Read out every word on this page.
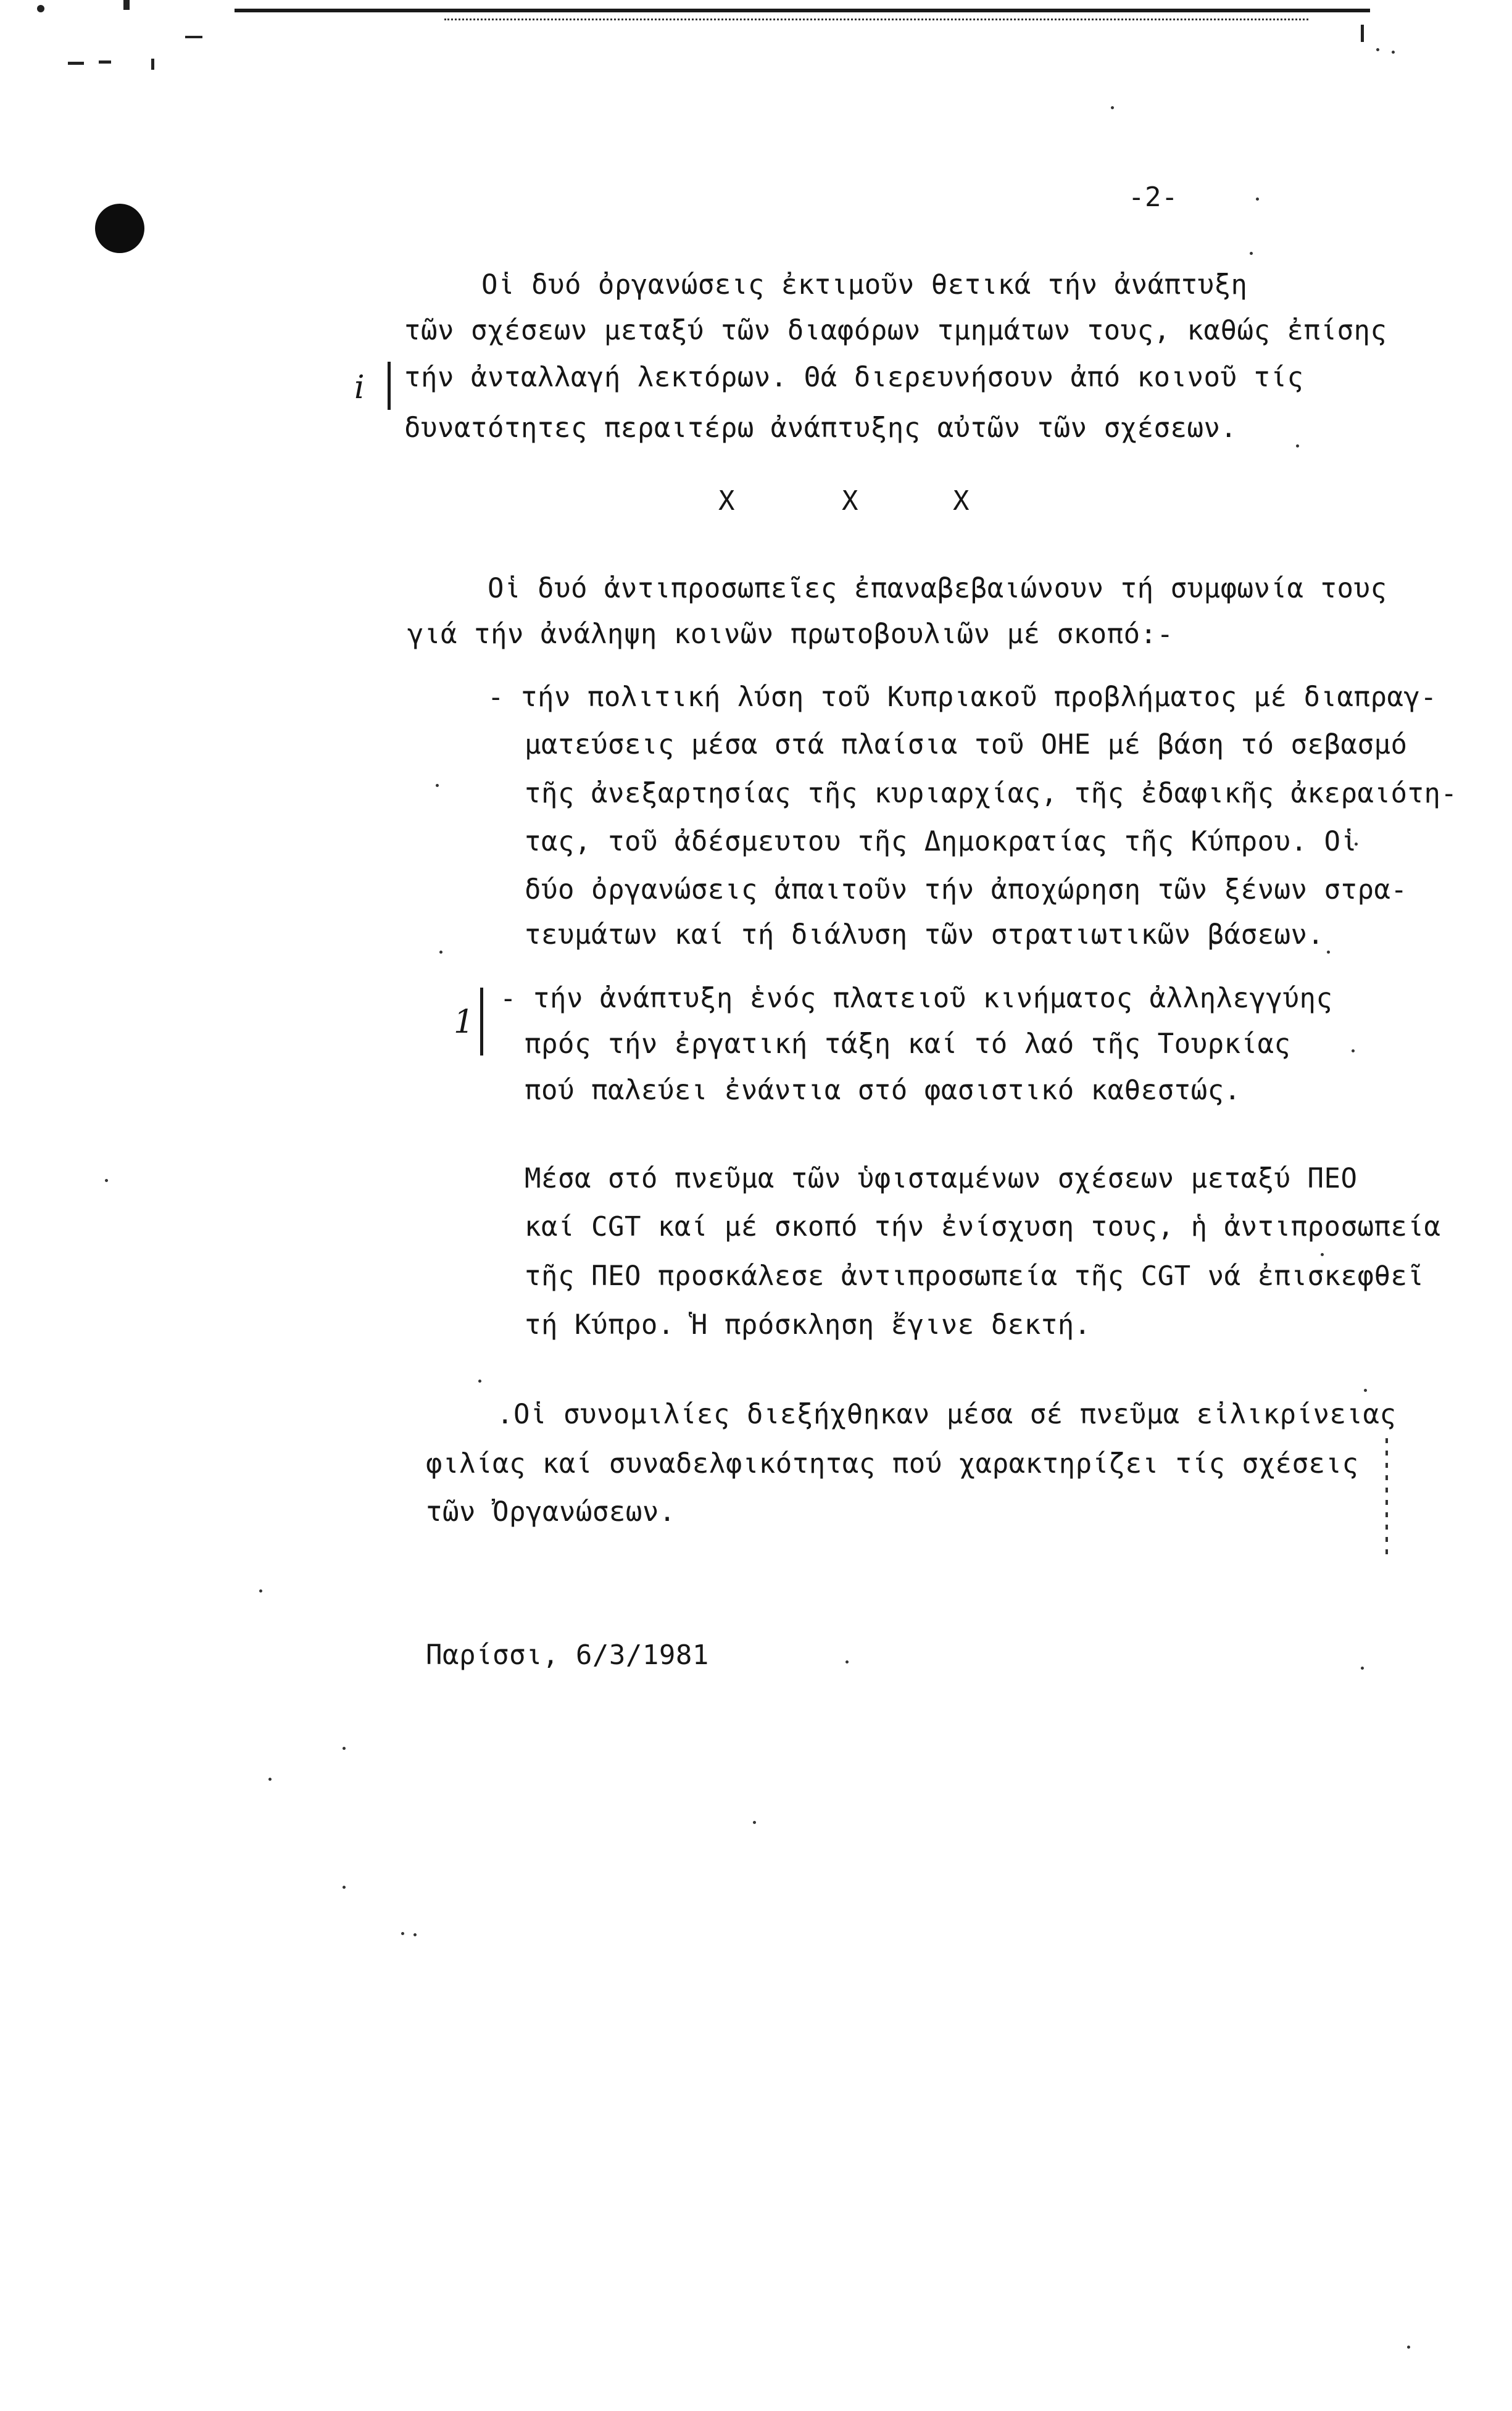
-2-
Οἱ δυό ὀργανώσεις ἐκτιμοῦν θετικά τήν ἀνάπτυξη
τῶν σχέσεων μεταξύ τῶν διαφόρων τμημάτων τους, καθώς ἐπίσης
τήν ἀνταλλαγή λεκτόρων. Θά διερευνήσουν ἀπό κοινοῦ τίς
δυνατότητες περαιτέρω ἀνάπτυξης αὐτῶν τῶν σχέσεων.
i
X	X	X
Οἱ δυό ἀντιπροσωπεῖες ἐπαναβεβαιώνουν τή συμφωνία τους
γιά τήν ἀνάληψη κοινῶν πρωτοβουλιῶν μέ σκοπό:-
- τήν πολιτική λύση τοῦ Κυπριακοῦ προβλήματος μέ διαπραγ-
ματεύσεις μέσα στά πλαίσια τοῦ ΟΗΕ μέ βάση τό σεβασμό
τῆς ἀνεξαρτησίας τῆς κυριαρχίας, τῆς ἐδαφικῆς ἀκεραιότη-
τας, τοῦ ἀδέσμευτου τῆς Δημοκρατίας τῆς Κύπρου. Οἱ
δύο ὀργανώσεις ἀπαιτοῦν τήν ἀποχώρηση τῶν ξένων στρα-
τευμάτων καί τή διάλυση τῶν στρατιωτικῶν βάσεων.
- τήν ἀνάπτυξη ἑνός πλατειοῦ κινήματος ἀλληλεγγύης
πρός τήν ἐργατική τάξη καί τό λαό τῆς Τουρκίας
πού παλεύει ἐνάντια στό φασιστικό καθεστώς.
1
Μέσα στό πνεῦμα τῶν ὑφισταμένων σχέσεων μεταξύ ΠΕΟ
καί CGT καί μέ σκοπό τήν ἐνίσχυση τους, ἡ ἀντιπροσωπεία
τῆς ΠΕΟ προσκάλεσε ἀντιπροσωπεία τῆς CGT νά ἐπισκεφθεῖ
τή Κύπρο. Ἡ πρόσκληση ἔγινε δεκτή.
.Οἱ συνομιλίες διεξήχθηκαν μέσα σέ πνεῦμα εἰλικρίνειας
φιλίας καί συναδελφικότητας πού χαρακτηρίζει τίς σχέσεις
τῶν Ὀργανώσεων.
Παρίσσι, 6/3/1981
